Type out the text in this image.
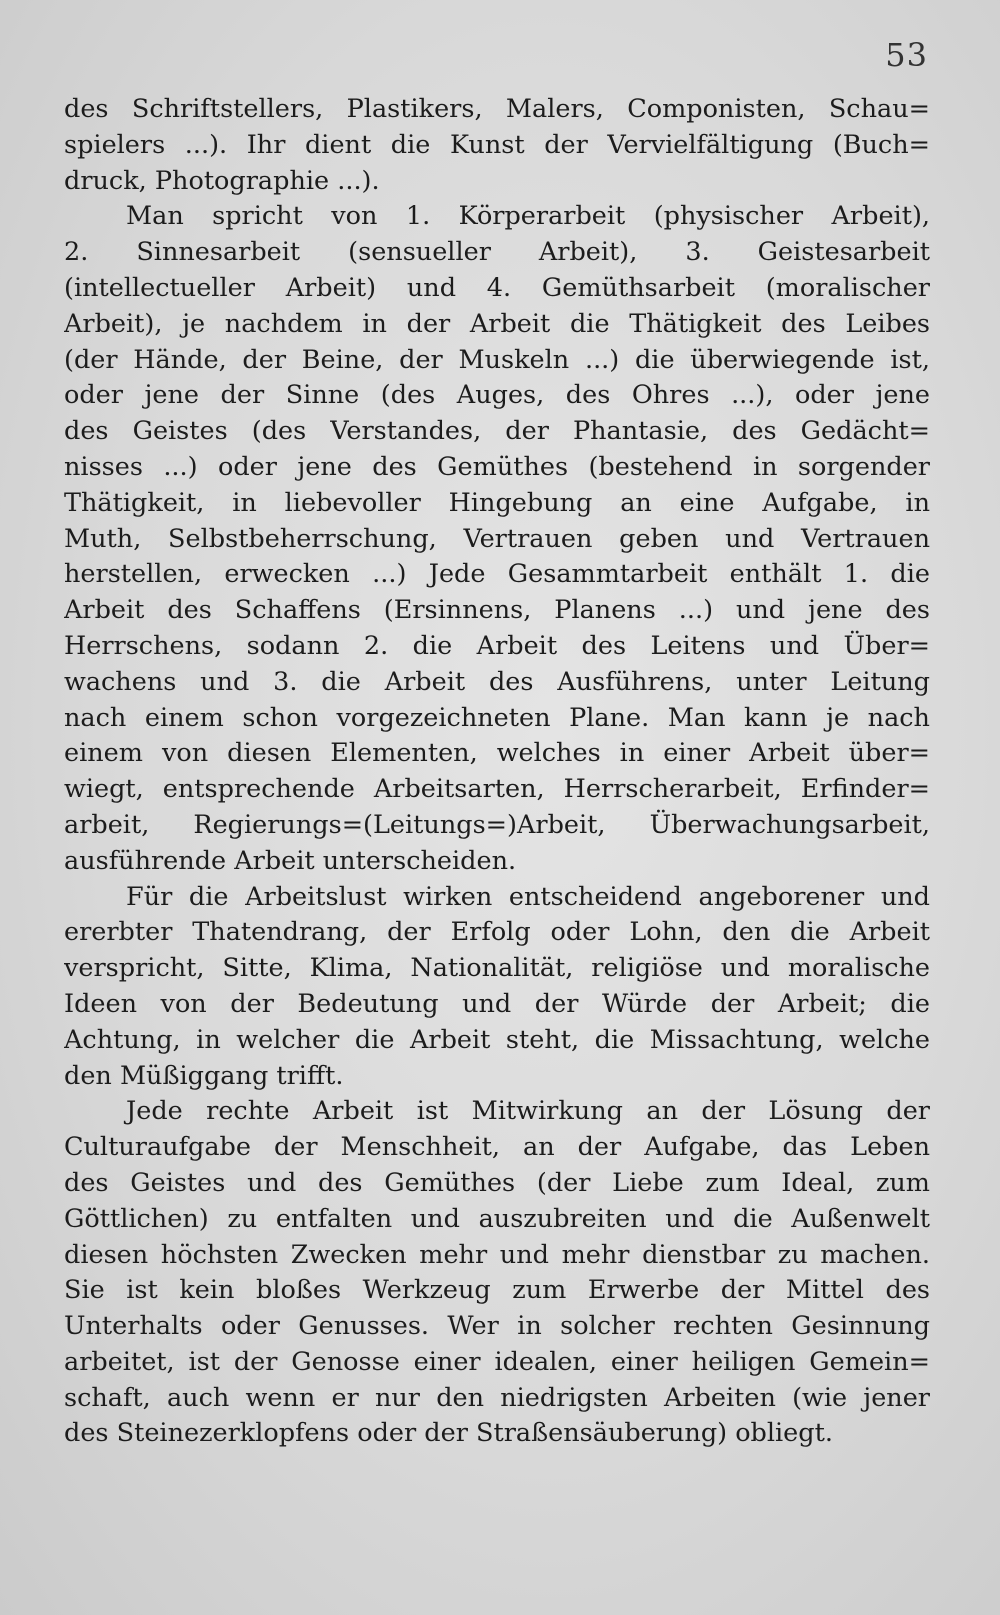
53
des Schriftstellers, Plastikers, Malers, Componisten, Schau=
spielers ...). Ihr dient die Kunst der Vervielfältigung (Buch=
druck, Photographie ...).
Man spricht von 1. Körperarbeit (physischer Arbeit),
2. Sinnesarbeit (sensueller Arbeit), 3. Geistesarbeit
(intellectueller Arbeit) und 4. Gemüthsarbeit (moralischer
Arbeit), je nachdem in der Arbeit die Thätigkeit des Leibes
(der Hände, der Beine, der Muskeln ...) die überwiegende ist,
oder jene der Sinne (des Auges, des Ohres ...), oder jene
des Geistes (des Verstandes, der Phantasie, des Gedächt=
nisses ...) oder jene des Gemüthes (bestehend in sorgender
Thätigkeit, in liebevoller Hingebung an eine Aufgabe, in
Muth, Selbstbeherrschung, Vertrauen geben und Vertrauen
herstellen, erwecken ...) Jede Gesammtarbeit enthält 1. die
Arbeit des Schaffens (Ersinnens, Planens ...) und jene des
Herrschens, sodann 2. die Arbeit des Leitens und Über=
wachens und 3. die Arbeit des Ausführens, unter Leitung
nach einem schon vorgezeichneten Plane. Man kann je nach
einem von diesen Elementen, welches in einer Arbeit über=
wiegt, entsprechende Arbeitsarten, Herrscherarbeit, Erfinder=
arbeit, Regierungs=(Leitungs=)Arbeit, Überwachungsarbeit,
ausführende Arbeit unterscheiden.
Für die Arbeitslust wirken entscheidend angeborener und
ererbter Thatendrang, der Erfolg oder Lohn, den die Arbeit
verspricht, Sitte, Klima, Nationalität, religiöse und moralische
Ideen von der Bedeutung und der Würde der Arbeit; die
Achtung, in welcher die Arbeit steht, die Missachtung, welche
den Müßiggang trifft.
Jede rechte Arbeit ist Mitwirkung an der Lösung der
Culturaufgabe der Menschheit, an der Aufgabe, das Leben
des Geistes und des Gemüthes (der Liebe zum Ideal, zum
Göttlichen) zu entfalten und auszubreiten und die Außenwelt
diesen höchsten Zwecken mehr und mehr dienstbar zu machen.
Sie ist kein bloßes Werkzeug zum Erwerbe der Mittel des
Unterhalts oder Genusses. Wer in solcher rechten Gesinnung
arbeitet, ist der Genosse einer idealen, einer heiligen Gemein=
schaft, auch wenn er nur den niedrigsten Arbeiten (wie jener
des Steinezerklopfens oder der Straßensäuberung) obliegt.
